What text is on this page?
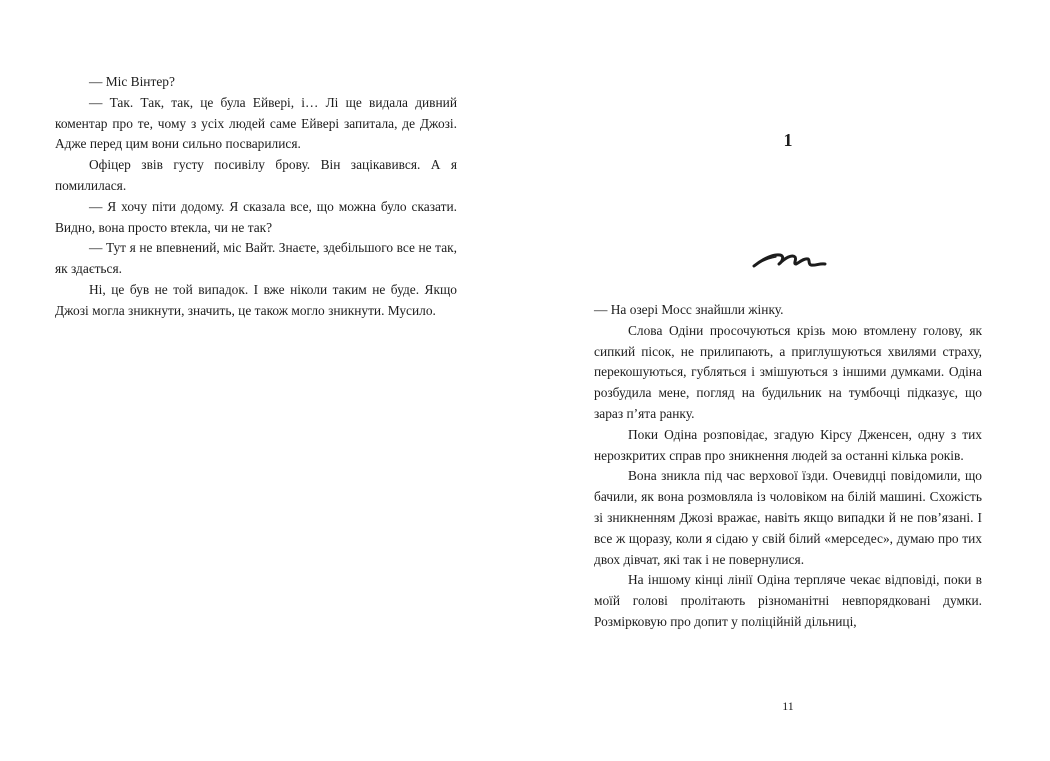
— Міс Вінтер?

— Так. Так, так, це була Ейвері, і… Лі ще видала дивний коментар про те, чому з усіх людей саме Ейвері запитала, де Джозі. Адже перед цим вони сильно посварилися.

Офіцер звів густу посивілу брову. Він зацікавився. А я помилилася.

— Я хочу піти додому. Я сказала все, що можна було сказати. Видно, вона просто втекла, чи не так?

— Тут я не впевнений, міс Вайт. Знаєте, здебільшого все не так, як здається.

Ні, це був не той випадок. І вже ніколи таким не буде. Якщо Джозі могла зникнути, значить, це також могло зникнути. Мусило.

1

— На озері Мосс знайшли жінку.

Слова Одіни просочуються крізь мою втомлену голову, як сипкий пісок, не прилипають, а приглушуються хвилями страху, перекошуються, губляться і змішуються з іншими думками. Одіна розбудила мене, погляд на будильник на тумбочці підказує, що зараз п’ята ранку.

Поки Одіна розповідає, згадую Кірсу Дженсен, одну з тих нерозкритих справ про зникнення людей за останні кілька років.

Вона зникла під час верхової їзди. Очевидці повідомили, що бачили, як вона розмовляла із чоловіком на білій машині. Схожість зі зникненням Джозі вражає, навіть якщо випадки й не пов’язані. І все ж щоразу, коли я сідаю у свій білий «мерседес», думаю про тих двох дівчат, які так і не повернулися.

На іншому кінці лінії Одіна терпляче чекає відповіді, поки в моїй голові пролітають різноманітні невпорядковані думки. Розмірковую про допит у поліційній дільниці,

11
